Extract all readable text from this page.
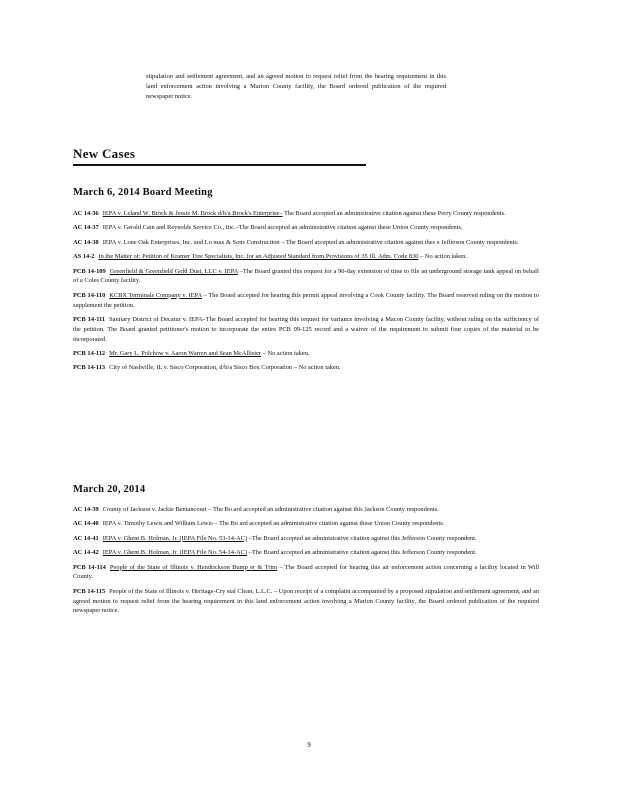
stipulation and settlement agreement, and an agreed motion to request relief from the hearing requirement in this land enforcement action involving a Marion County facility, the Board ordered publication of the required newspaper notice.
New Cases
March 6, 2014 Board Meeting
AC 14-36 IEPA v. Leland W. Brock & Jessie M. Brock d/b/a Brock's Enterprise– The Board accepted an administrative citation against these Perry County respondents.
AC 14-37 IEPA v. Gerald Cain and Reynolds Service Co., Inc.–The Board accepted an administrative citation against these Union County respondents.
AC 14-38 IEPA v. Lone Oak Enterprises, Inc. and Lo max & Sons Construction – The Board accepted an administrative citation against thes e Jefferson County respondents.
AS 14-2 In the Matter of: Petition of Kramer Tree Specialists, Inc. for an Adjusted Standard from Provisions of 35 Ill. Adm. Code 830 – No action taken.
PCB 14-109 Greenfield & Greenfield Gold Dust, LLC v. IEPA –The Board granted this request for a 90-day extension of time to file an underground storage tank appeal on behalf of a Coles County facility.
PCB 14-110 KCBX Terminals Company v. IEPA – The Board accepted for hearing this permit appeal involving a Cook County facility. The Board reserved ruling on the motion to supplement the petition.
PCB 14-111 Sanitary District of Decatur v. IEPA–The Board accepted for hearing this request for variance involving a Macon County facility, without ruling on the sufficiency of the petition. The Board granted petitioner's motion to incorporate the entire PCB 09-125 record and a waiver of the requirement to submit four copies of the material to be incorporated.
PCB 14-112 Mr. Gary L. Polchow v. Aaron Warren and Sean McAllister – No action taken.
PCB 14-113 City of Nashville, IL v. Sisco Corporation, d/b/a Sisco Box Corporation – No action taken.
March 20, 2014
AC 14-39 County of Jackson v. Jackie Bentancourt – The Bo ard accepted an administrative citation against this Jackson County respondents.
AC 14-40 IEPA v. Timothy Lewis and William Lewis – The Bo ard accepted an administrative citation against these Union County respondents.
AC 14-41 IEPA v. Ghent B. Holman, Jr. (IEPA File No. 53-14-AC) –The Board accepted an administrative citation against this Jefferson County respondent.
AC 14-42 IEPA v. Ghent B. Holman, Jr. (IEPA File No. 54-14-AC) –The Board accepted an administrative citation against this Jefferson County respondent.
PCB 14-114 People of the State of Illinois v. Hendrickson Bump er & Trim – The Board accepted for hearing this air enforcement action concerning a facility located in Will County.
PCB 14-115 People of the State of Illinois v. Heritage-Cry stal Clean, L.L.C. – Upon receipt of a complaint accompanied by a proposed stipulation and settlement agreement, and an agreed motion to request relief from the hearing requirement in this land enforcement action involving a Marion County facility, the Board ordered publication of the required newspaper notice.
9
